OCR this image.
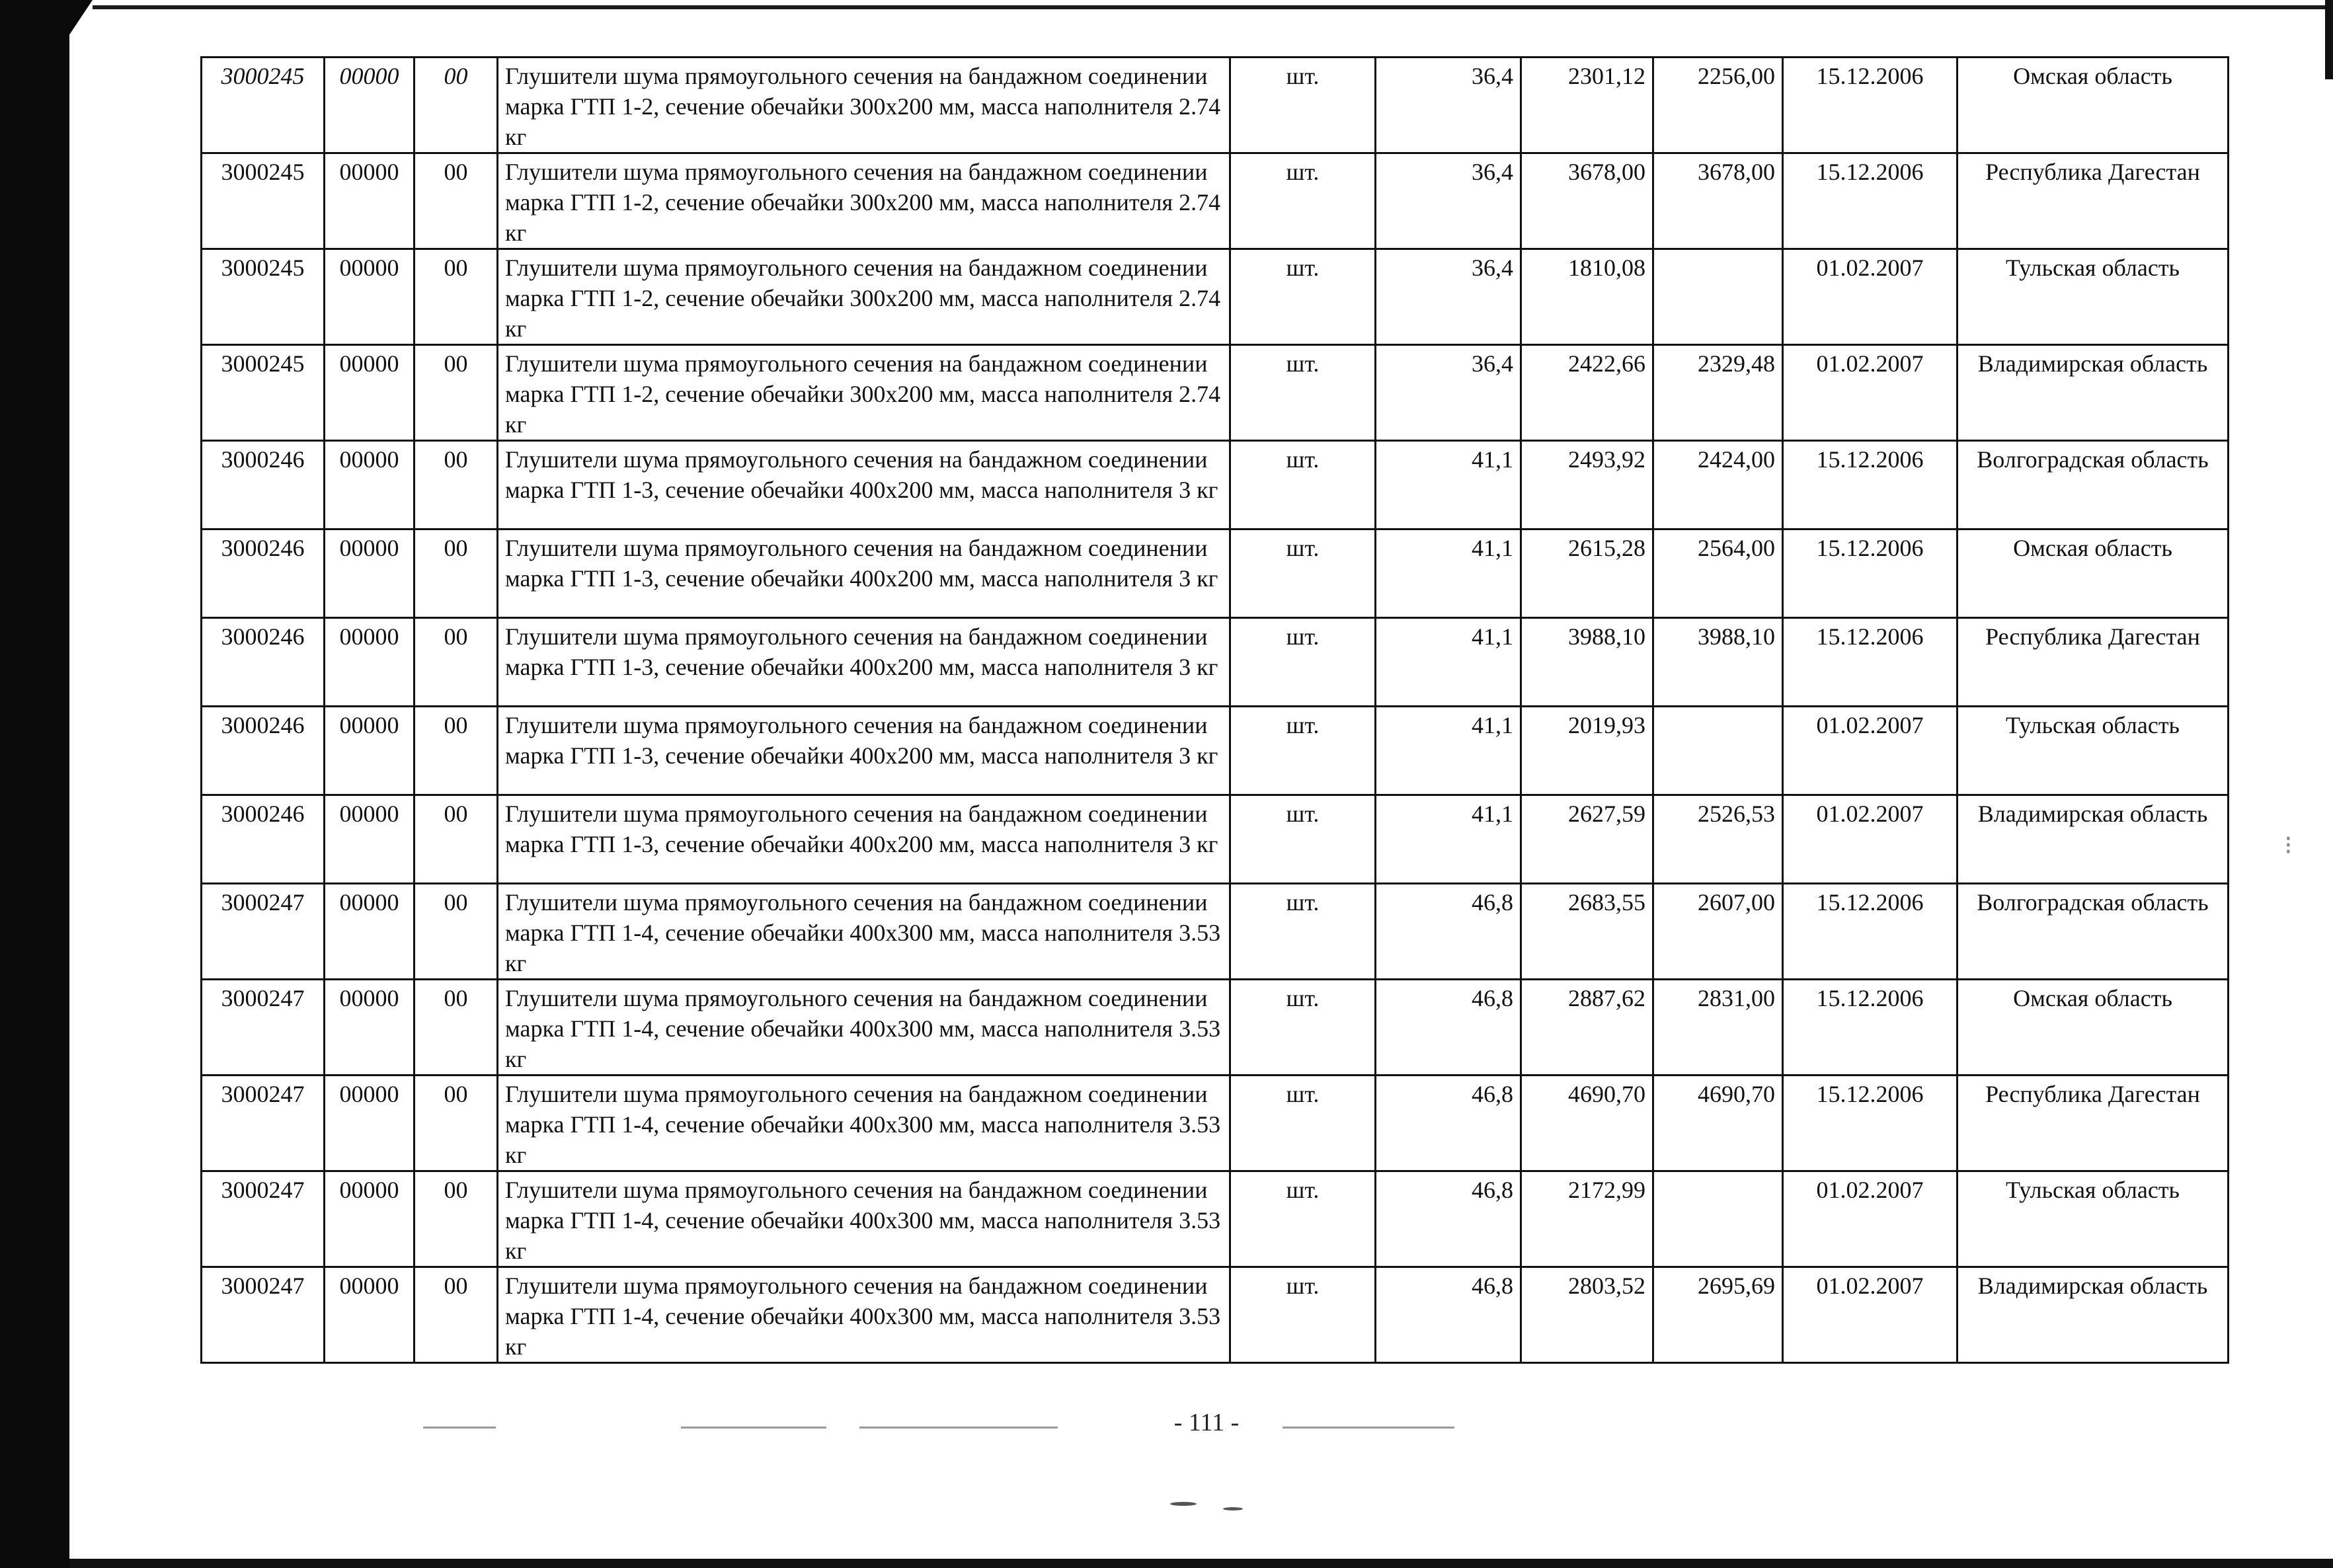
3000245	00000	00	Глушители шума прямоугольного сечения на бандажном соединении марка ГТП 1-2, сечение обечайки 300х200 мм, масса наполнителя 2.74 кг	шт.	36,4	2301,12	2256,00	15.12.2006	Омская область
3000245	00000	00	Глушители шума прямоугольного сечения на бандажном соединении марка ГТП 1-2, сечение обечайки 300х200 мм, масса наполнителя 2.74 кг	шт.	36,4	3678,00	3678,00	15.12.2006	Республика Дагестан
3000245	00000	00	Глушители шума прямоугольного сечения на бандажном соединении марка ГТП 1-2, сечение обечайки 300х200 мм, масса наполнителя 2.74 кг	шт.	36,4	1810,08		01.02.2007	Тульская область
3000245	00000	00	Глушители шума прямоугольного сечения на бандажном соединении марка ГТП 1-2, сечение обечайки 300х200 мм, масса наполнителя 2.74 кг	шт.	36,4	2422,66	2329,48	01.02.2007	Владимирская область
3000246	00000	00	Глушители шума прямоугольного сечения на бандажном соединении марка ГТП 1-3, сечение обечайки 400х200 мм, масса наполнителя 3 кг	шт.	41,1	2493,92	2424,00	15.12.2006	Волгоградская область
3000246	00000	00	Глушители шума прямоугольного сечения на бандажном соединении марка ГТП 1-3, сечение обечайки 400х200 мм, масса наполнителя 3 кг	шт.	41,1	2615,28	2564,00	15.12.2006	Омская область
3000246	00000	00	Глушители шума прямоугольного сечения на бандажном соединении марка ГТП 1-3, сечение обечайки 400х200 мм, масса наполнителя 3 кг	шт.	41,1	3988,10	3988,10	15.12.2006	Республика Дагестан
3000246	00000	00	Глушители шума прямоугольного сечения на бандажном соединении марка ГТП 1-3, сечение обечайки 400х200 мм, масса наполнителя 3 кг	шт.	41,1	2019,93		01.02.2007	Тульская область
3000246	00000	00	Глушители шума прямоугольного сечения на бандажном соединении марка ГТП 1-3, сечение обечайки 400х200 мм, масса наполнителя 3 кг	шт.	41,1	2627,59	2526,53	01.02.2007	Владимирская область
3000247	00000	00	Глушители шума прямоугольного сечения на бандажном соединении марка ГТП 1-4, сечение обечайки 400х300 мм, масса наполнителя 3.53 кг	шт.	46,8	2683,55	2607,00	15.12.2006	Волгоградская область
3000247	00000	00	Глушители шума прямоугольного сечения на бандажном соединении марка ГТП 1-4, сечение обечайки 400х300 мм, масса наполнителя 3.53 кг	шт.	46,8	2887,62	2831,00	15.12.2006	Омская область
3000247	00000	00	Глушители шума прямоугольного сечения на бандажном соединении марка ГТП 1-4, сечение обечайки 400х300 мм, масса наполнителя 3.53 кг	шт.	46,8	4690,70	4690,70	15.12.2006	Республика Дагестан
3000247	00000	00	Глушители шума прямоугольного сечения на бандажном соединении марка ГТП 1-4, сечение обечайки 400х300 мм, масса наполнителя 3.53 кг	шт.	46,8	2172,99		01.02.2007	Тульская область
3000247	00000	00	Глушители шума прямоугольного сечения на бандажном соединении марка ГТП 1-4, сечение обечайки 400х300 мм, масса наполнителя 3.53 кг	шт.	46,8	2803,52	2695,69	01.02.2007	Владимирская область
- 111 -
⁝
